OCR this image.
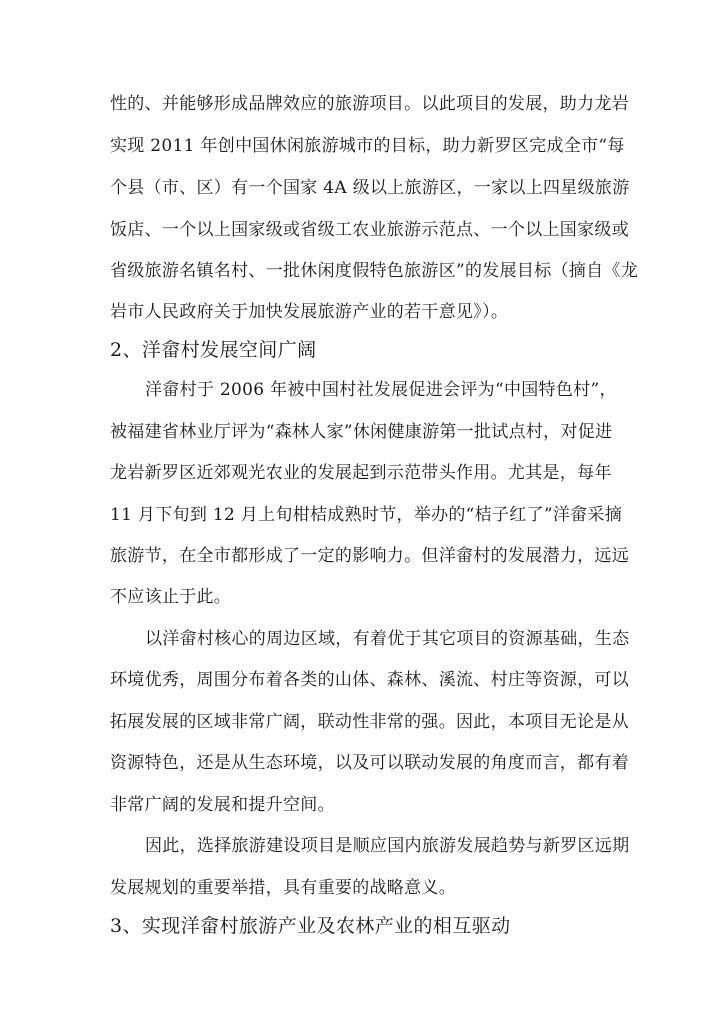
性的、并能够形成品牌效应的旅游项目。以此项目的发展，助力龙岩
实现 2011 年创中国休闲旅游城市的目标，助力新罗区完成全市“每
个县（市、区）有一个国家 4A 级以上旅游区，一家以上四星级旅游
饭店、一个以上国家级或省级工农业旅游示范点、一个以上国家级或
省级旅游名镇名村、一批休闲度假特色旅游区”的发展目标（摘自《龙
岩市人民政府关于加快发展旅游产业的若干意见》）。
2、洋畲村发展空间广阔
洋畲村于 2006 年被中国村社发展促进会评为“中国特色村”，
被福建省林业厅评为“森林人家”休闲健康游第一批试点村，对促进
龙岩新罗区近郊观光农业的发展起到示范带头作用。尤其是，每年
11 月下旬到 12 月上旬柑桔成熟时节，举办的“桔子红了”洋畲采摘
旅游节，在全市都形成了一定的影响力。但洋畲村的发展潜力，远远
不应该止于此。
以洋畲村核心的周边区域，有着优于其它项目的资源基础，生态
环境优秀，周围分布着各类的山体、森林、溪流、村庄等资源，可以
拓展发展的区域非常广阔，联动性非常的强。因此，本项目无论是从
资源特色，还是从生态环境，以及可以联动发展的角度而言，都有着
非常广阔的发展和提升空间。
因此，选择旅游建设项目是顺应国内旅游发展趋势与新罗区远期
发展规划的重要举措，具有重要的战略意义。
3、实现洋畲村旅游产业及农林产业的相互驱动
